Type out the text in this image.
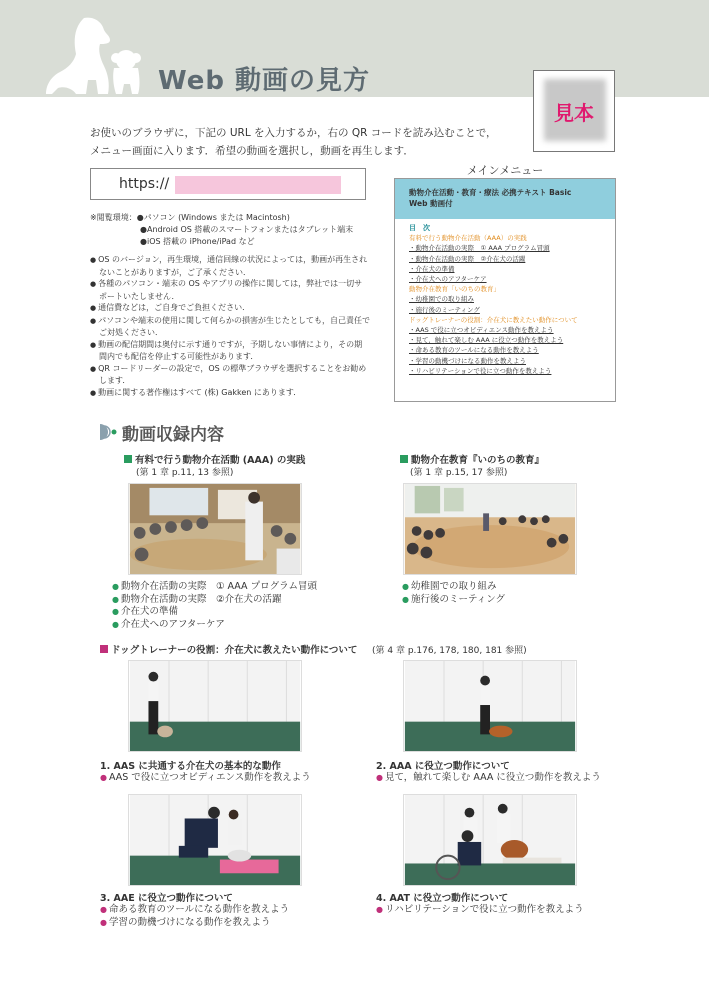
Web 動画の見方
見本
お使いのブラウザに，下記の URL を入力するか，右の QR コードを読み込むことで，
メニュー画面に入ります．希望の動画を選択し，動画を再生します．
https://
※閲覧環境：●パソコン (Windows または Macintosh)
●Android OS 搭載のスマートフォンまたはタブレット端末
●iOS 搭載の iPhone/iPad など
● OS のバージョン，再生環境，通信回線の状況によっては，動画が再生されないことがありますが，ご了承ください．
● 各種のパソコン・端末の OS やアプリの操作に関しては，弊社では一切サポートいたしません．
● 通信費などは，ご自身でご負担ください．
● パソコンや端末の使用に関して何らかの損害が生じたとしても，自己責任でご対処ください．
● 動画の配信期間は奥付に示す通りですが，予期しない事情により，その期間内でも配信を停止する可能性があります．
● QR コードリーダーの設定で，OS の標準ブラウザを選択することをお勧めします．
● 動画に関する著作権はすべて (株) Gakken にあります．
メインメニュー
動物介在活動・教育・療法 必携テキスト Basic
Web 動画付
目　次
有料で行う動物介在活動（AAA）の実践
・動物介在活動の実際　① AAA プログラム冒頭
・動物介在活動の実際　②介在犬の活躍
・介在犬の準備
・介在犬へのアフターケア
動物介在教育「いのちの教育」
・幼稚園での取り組み
・施行後のミーティング
ドッグトレーナーの役割：介在犬に教えたい動作について
・AAS で役に立つオビディエンス動作を教えよう
・見て，触れて楽しむ AAA に役立つ動作を教えよう
・命ある教育のツールになる動作を教えよう
・学習の動機づけになる動作を教えよう
・リハビリテーションで役に立つ動作を教えよう
動画収録内容
有料で行う動物介在活動 (AAA) の実践
(第 1 章 p.11, 13 参照)
● 動物介在活動の実際　① AAA プログラム冒頭
● 動物介在活動の実際　②介在犬の活躍
● 介在犬の準備
● 介在犬へのアフターケア
動物介在教育『いのちの教育』
(第 1 章 p.15, 17 参照)
● 幼稚園での取り組み
● 施行後のミーティング
ドッグトレーナーの役割：介在犬に教えたい動作について (第 4 章 p.176, 178, 180, 181 参照)
1. AAS に共通する介在犬の基本的な動作
● AAS で役に立つオビディエンス動作を教えよう
2. AAA に役立つ動作について
● 見て，触れて楽しむ AAA に役立つ動作を教えよう
3. AAE に役立つ動作について
● 命ある教育のツールになる動作を教えよう
● 学習の動機づけになる動作を教えよう
4. AAT に役立つ動作について
● リハビリテーションで役に立つ動作を教えよう
